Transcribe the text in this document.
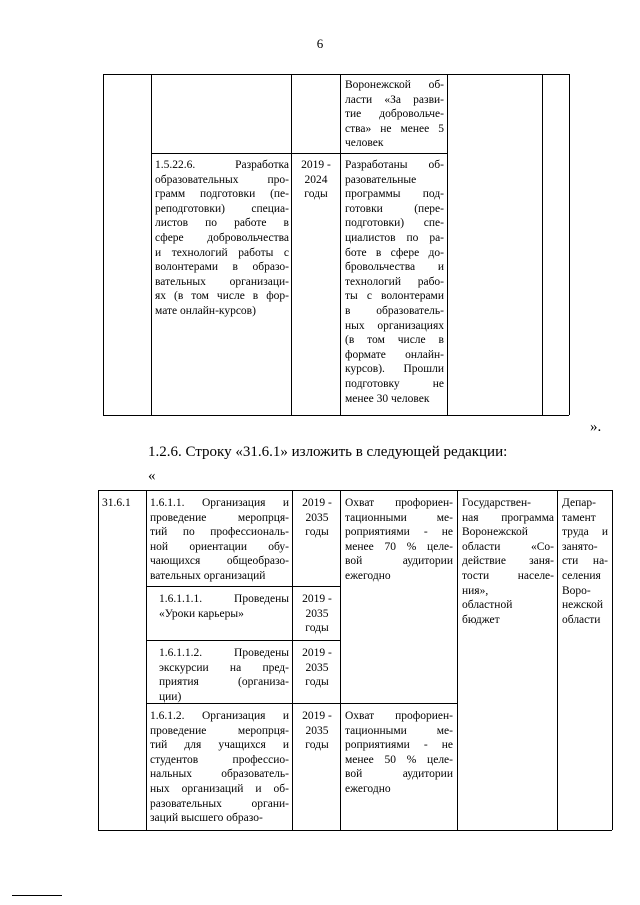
6
Воронежской об-
ласти «За разви-
тие добровольче-
ства» не менее 5
человек
1.5.22.6. Разработка
образовательных про-
грамм подготовки (пе-
реподготовки) специа-
листов по работе в
сфере добровольчества
и технологий работы с
волонтерами в образо-
вательных организаци-
ях (в том числе в фор-
мате онлайн-курсов)
2019 -
2024
годы
Разработаны об-
разовательные
программы под-
готовки (пере-
подготовки) спе-
циалистов по ра-
боте в сфере до-
бровольчества и
технологий рабо-
ты с волонтерами
в образователь-
ных организациях
(в том числе в
формате онлайн-
курсов). Прошли
подготовку не
менее 30 человек
».
1.2.6. Строку «31.6.1» изложить в следующей редакции:
«
31.6.1	1.6.1.1. Организация и
проведение меропрця-
тий по профессиональ-
ной ориентации обу-
чающихся общеобразо-
вательных организаций
2019 -
2035
годы
Охват профориен-
тационными ме-
роприятиями - не
менее 70 % целе-
вой аудитории
ежегодно
Государствен-
ная программа
Воронежской
области «Со-
действие заня-
тости населе-
ния»,
областной
бюджет
Депар-
тамент
труда и
занято-
сти на-
селения
Воро-
нежской
области
1.6.1.1.1. Проведены
«Уроки карьеры»
2019 -
2035
годы
1.6.1.1.2. Проведены
экскурсии на пред-
приятия (организа-
ции)
2019 -
2035
годы
1.6.1.2. Организация и
проведение меропрця-
тий для учащихся и
студентов профессио-
нальных образователь-
ных организаций и об-
разовательных органи-
заций высшего образо-
2019 -
2035
годы
Охват профориен-
тационными ме-
роприятиями - не
менее 50 % целе-
вой аудитории
ежегодно
